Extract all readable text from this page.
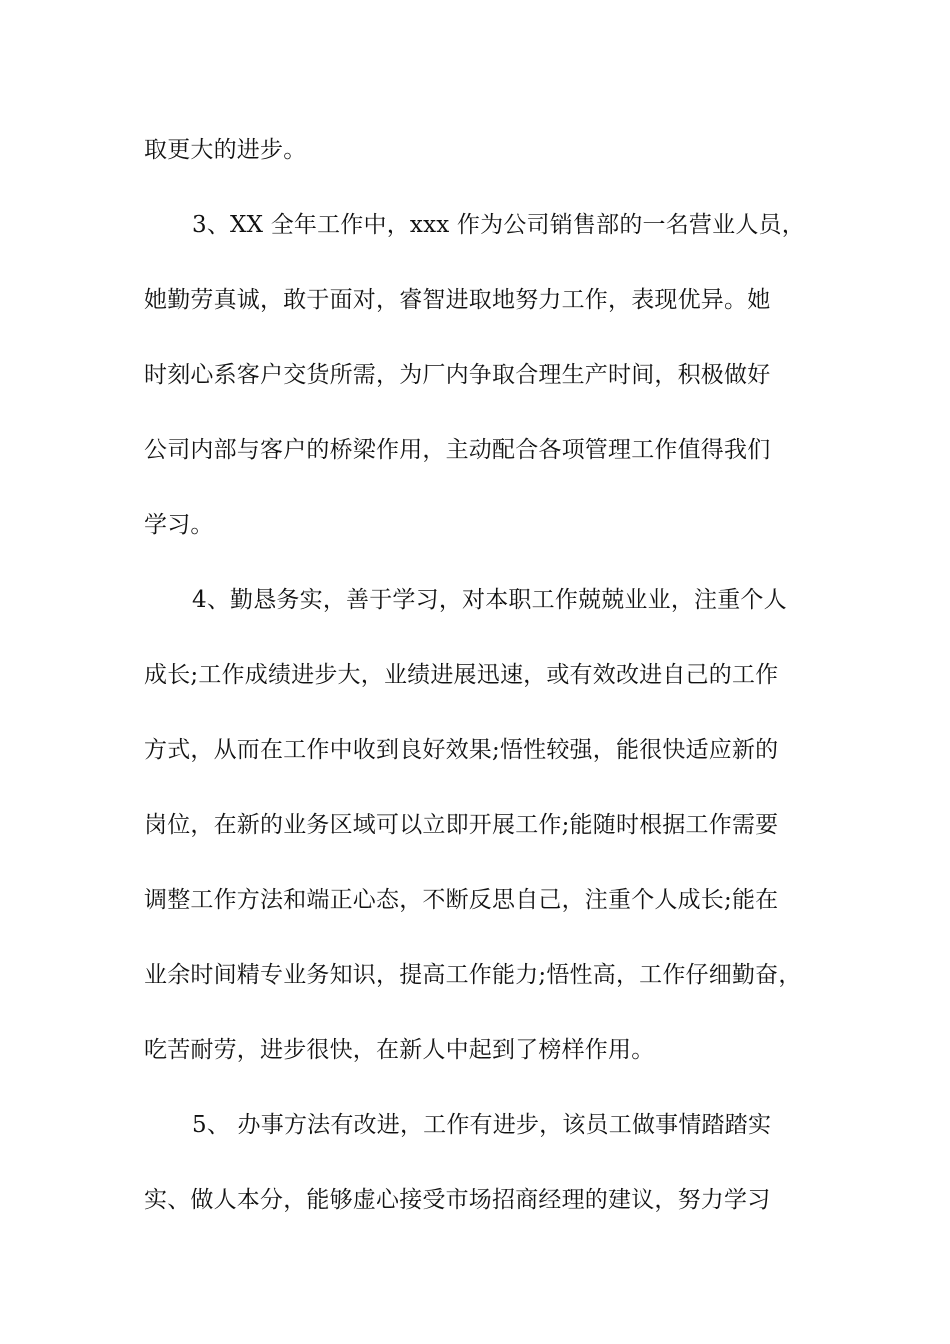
取更大的进步。
3、XX 全年工作中，xxx 作为公司销售部的一名营业人员，
她勤劳真诚，敢于面对，睿智进取地努力工作，表现优异。她
时刻心系客户交货所需，为厂内争取合理生产时间，积极做好
公司内部与客户的桥梁作用，主动配合各项管理工作值得我们
学习。
4、勤恳务实，善于学习，对本职工作兢兢业业，注重个人
成长;工作成绩进步大，业绩进展迅速，或有效改进自己的工作
方式，从而在工作中收到良好效果;悟性较强，能很快适应新的
岗位，在新的业务区域可以立即开展工作;能随时根据工作需要
调整工作方法和端正心态，不断反思自己，注重个人成长;能在
业余时间精专业务知识，提高工作能力;悟性高，工作仔细勤奋，
吃苦耐劳，进步很快，在新人中起到了榜样作用。
5、 办事方法有改进，工作有进步，该员工做事情踏踏实
实、做人本分，能够虚心接受市场招商经理的建议，努力学习
